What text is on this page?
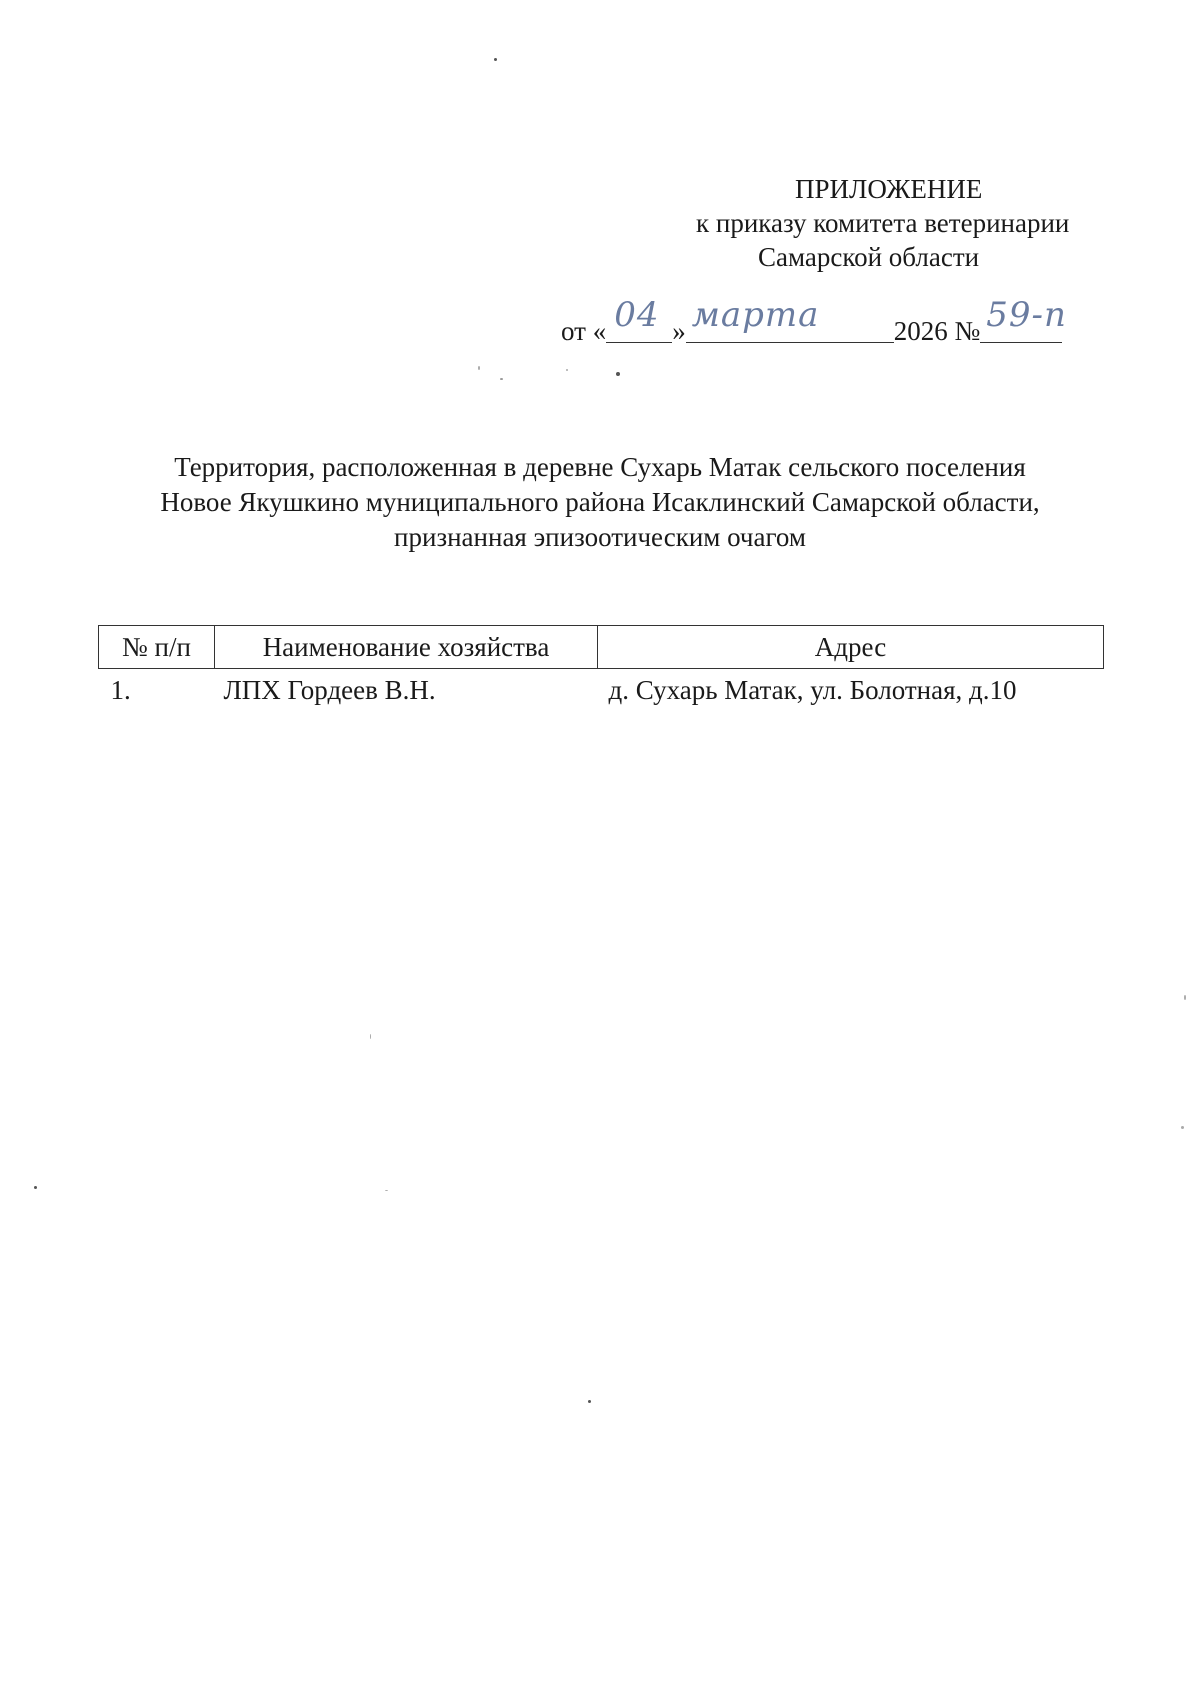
ПРИЛОЖЕНИЕ
к приказу комитета ветеринарии
Самарской области
от « 04 » марта	2026 № 59-п
Территория, расположенная в деревне Сухарь Матак сельского поселения
Новое Якушкино муниципального района Исаклинский Самарской области,
признанная эпизоотическим очагом
№ п/п	Наименование хозяйства	Адрес
1.	ЛПХ Гордеев В.Н.	д. Сухарь Матак, ул. Болотная, д.10
